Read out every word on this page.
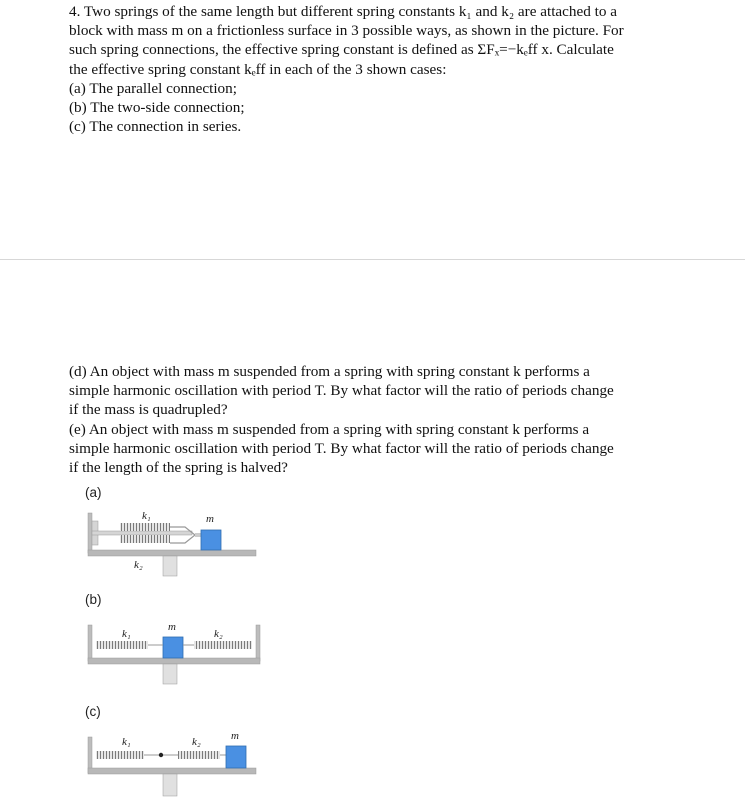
4. Two springs of the same length but different spring constants k₁ and k₂ are attached to a

block with mass m on a frictionless surface in 3 possible ways, as shown in the picture. For

such spring connections, the effective spring constant is defined as ΣFₓ=−kₑff x. Calculate

the effective spring constant kₑff in each of the 3 shown cases:

(a) The parallel connection;

(b) The two-side connection;

(c) The connection in series.

(d) An object with mass m suspended from a spring with spring constant k performs a

simple harmonic oscillation with period T. By what factor will the ratio of periods change

if the mass is quadrupled?

(e) An object with mass m suspended from a spring with spring constant k performs a

simple harmonic oscillation with period T. By what factor will the ratio of periods change

if the length of the spring is halved?

(a)
(b)
(c)
k₁
k₂
m
k₁	k₂
m
k₁	k₂	m
